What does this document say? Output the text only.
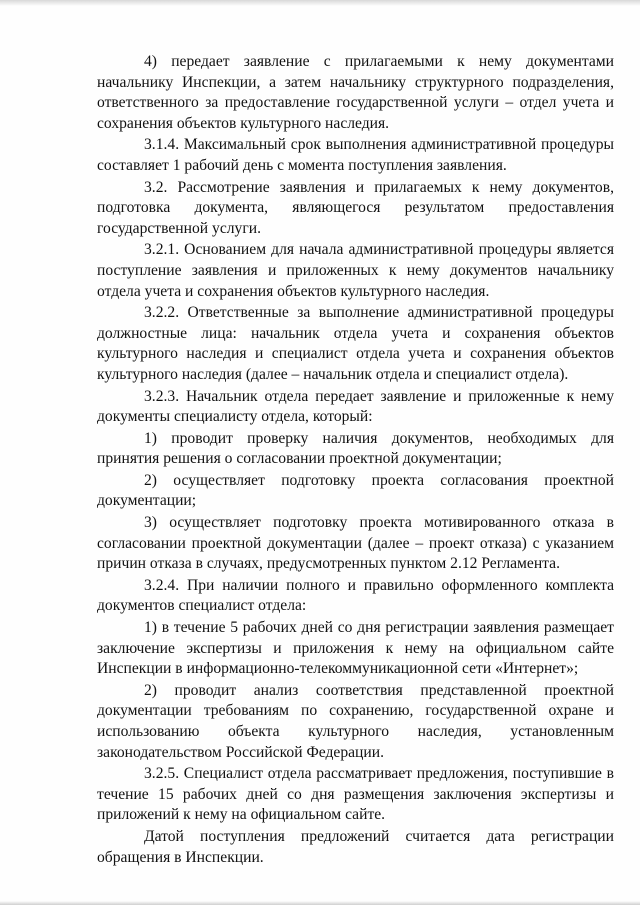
4) передает заявление с прилагаемыми к нему документами начальнику Инспекции, а затем начальнику структурного подразделения, ответственного за предоставление государственной услуги – отдел учета и сохранения объектов культурного наследия.

3.1.4. Максимальный срок выполнения административной процедуры составляет 1 рабочий день с момента поступления заявления.

3.2. Рассмотрение заявления и прилагаемых к нему документов, подготовка документа, являющегося результатом предоставления государственной услуги.

3.2.1. Основанием для начала административной процедуры является поступление заявления и приложенных к нему документов начальнику отдела учета и сохранения объектов культурного наследия.

3.2.2. Ответственные за выполнение административной процедуры должностные лица: начальник отдела учета и сохранения объектов культурного наследия и специалист отдела учета и сохранения объектов культурного наследия (далее – начальник отдела и специалист отдела).

3.2.3. Начальник отдела передает заявление и приложенные к нему документы специалисту отдела, который:

1) проводит проверку наличия документов, необходимых для принятия решения о согласовании проектной документации;

2) осуществляет подготовку проекта согласования проектной документации;

3) осуществляет подготовку проекта мотивированного отказа в согласовании проектной документации (далее – проект отказа) с указанием причин отказа в случаях, предусмотренных пунктом 2.12 Регламента.

3.2.4. При наличии полного и правильно оформленного комплекта документов специалист отдела:

1) в течение 5 рабочих дней со дня регистрации заявления размещает заключение экспертизы и приложения к нему на официальном сайте Инспекции в информационно-телекоммуникационной сети «Интернет»;

2) проводит анализ соответствия представленной проектной документации требованиям по сохранению, государственной охране и использованию объекта культурного наследия, установленным законодательством Российской Федерации.

3.2.5. Специалист отдела рассматривает предложения, поступившие в течение 15 рабочих дней со дня размещения заключения экспертизы и приложений к нему на официальном сайте.

Датой поступления предложений считается дата регистрации обращения в Инспекции.
